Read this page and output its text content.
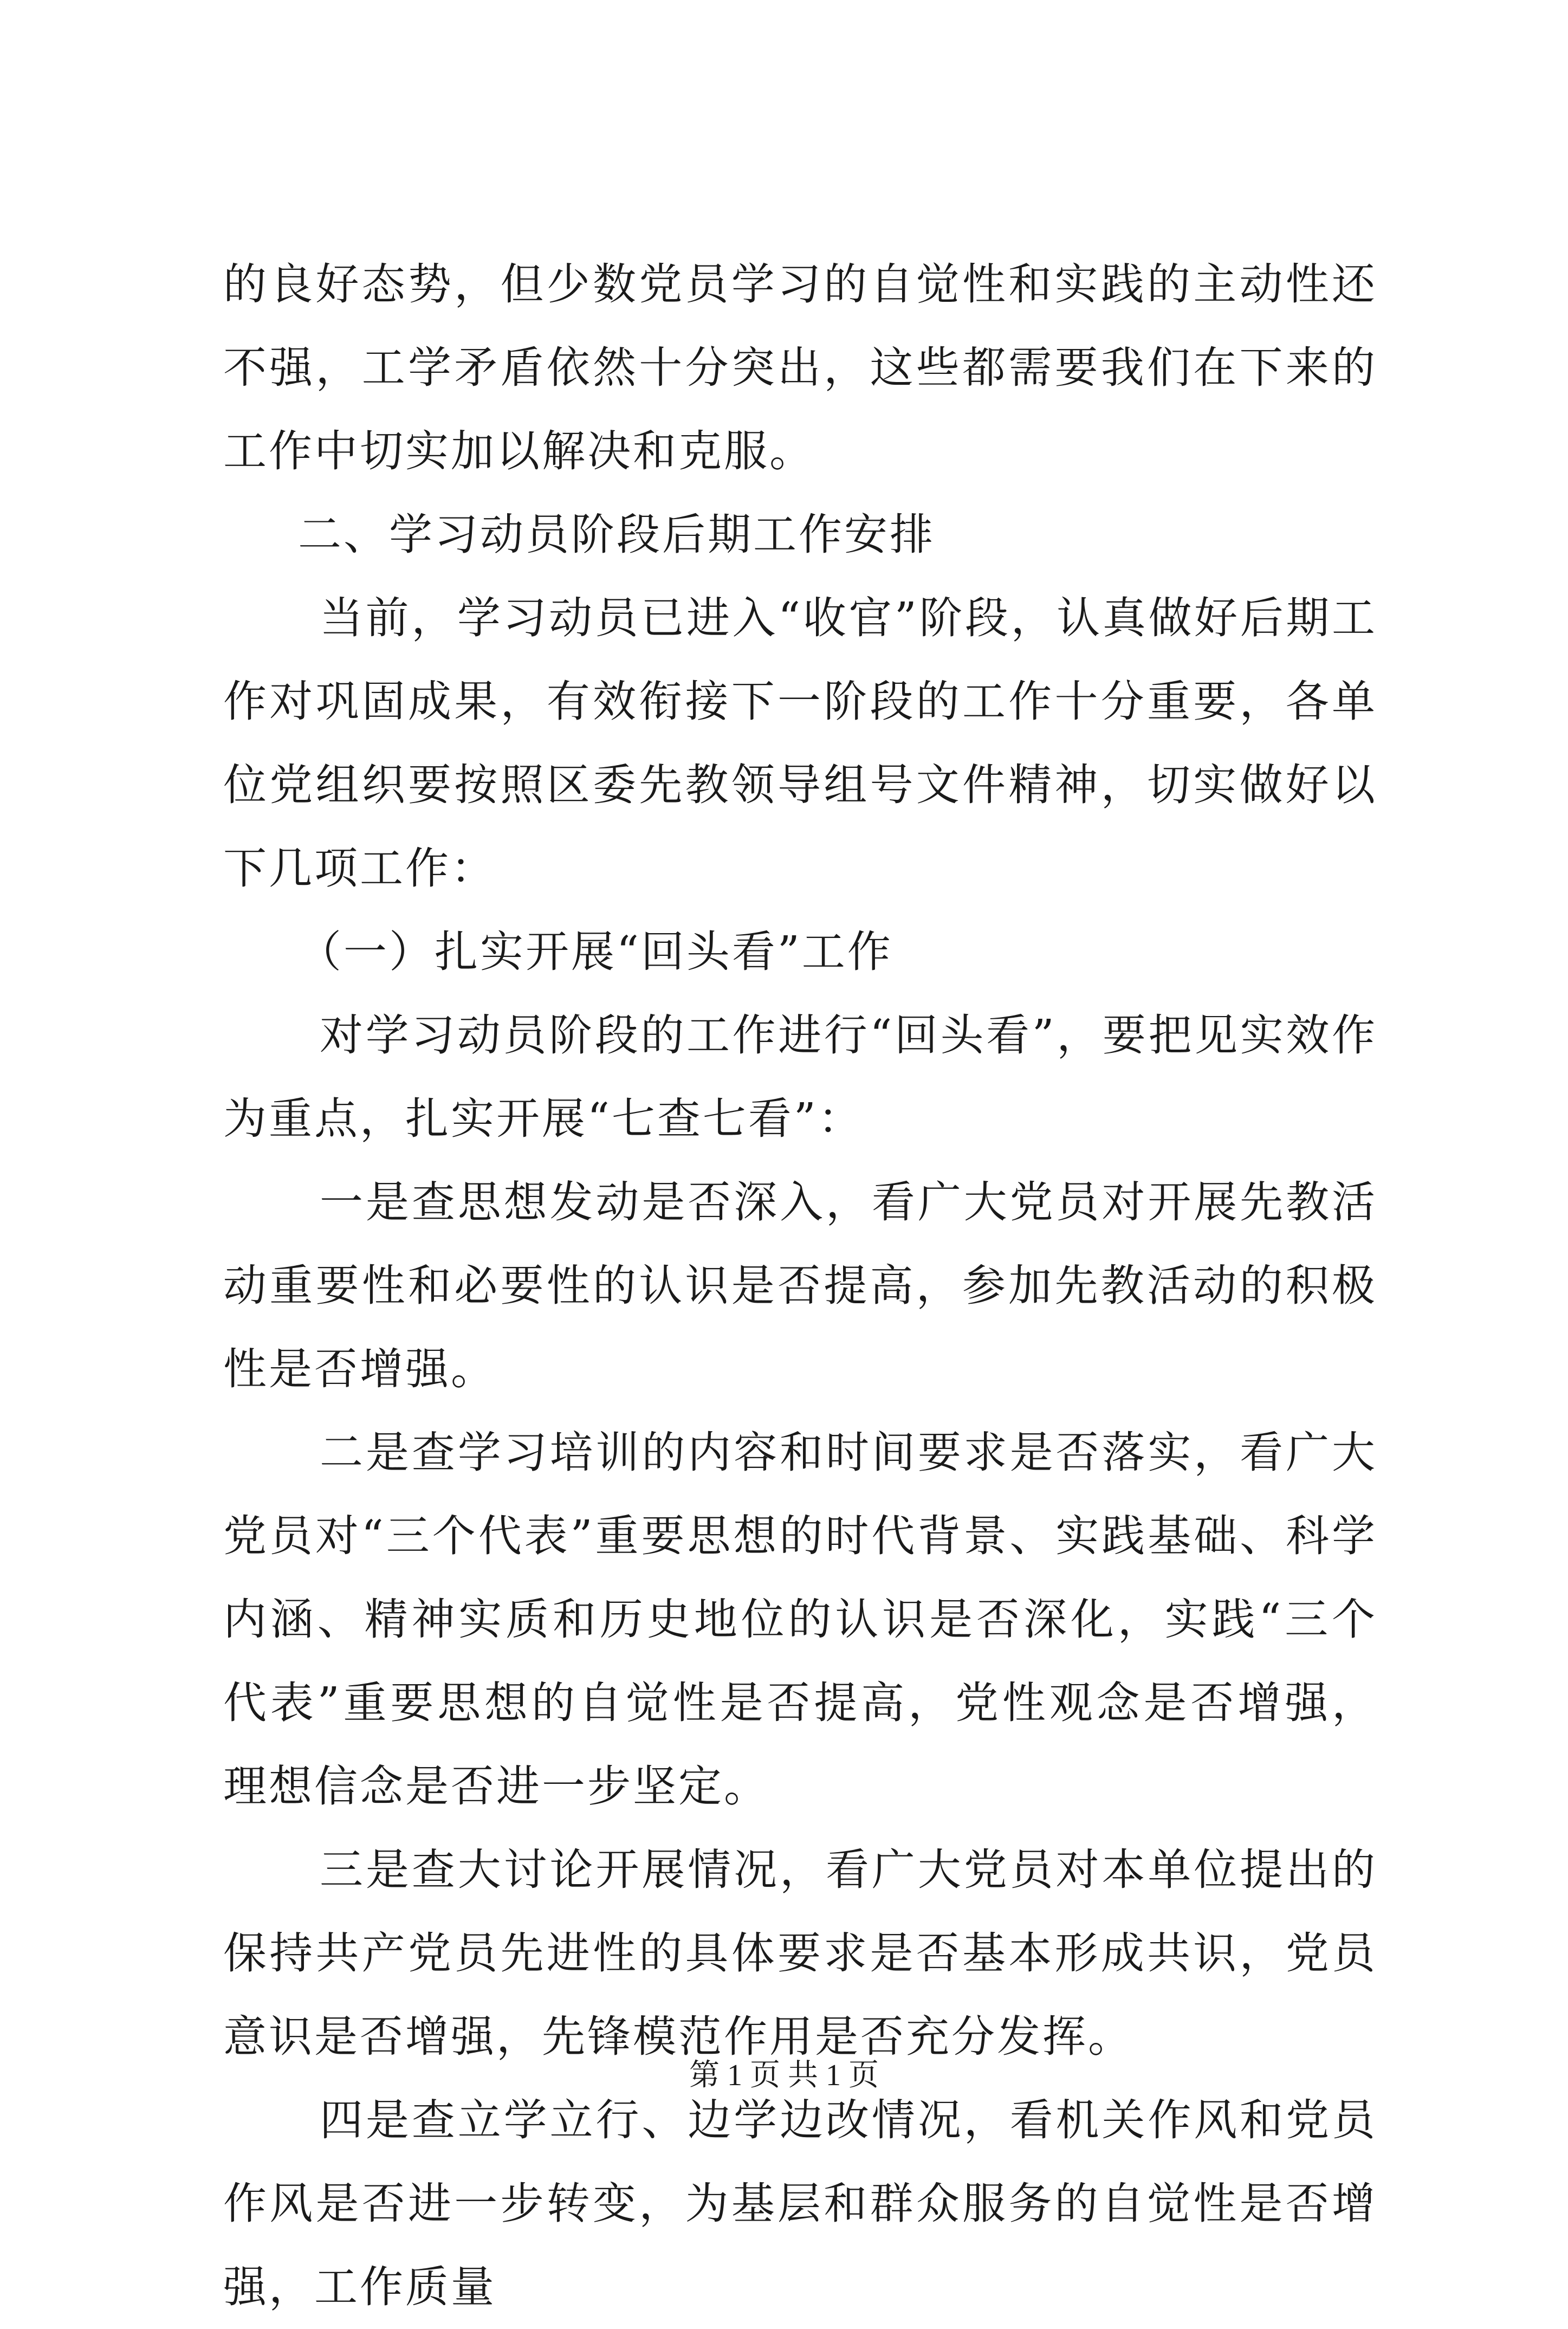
的良好态势，但少数党员学习的自觉性和实践的主动性还不强，工学矛盾依然十分突出，这些都需要我们在下来的工作中切实加以解决和克服。

二、学习动员阶段后期工作安排

当前，学习动员已进入“收官”阶段，认真做好后期工作对巩固成果，有效衔接下一阶段的工作十分重要，各单位党组织要按照区委先教领导组号文件精神，切实做好以下几项工作：

（一）扎实开展“回头看”工作

对学习动员阶段的工作进行“回头看”，要把见实效作为重点，扎实开展“七查七看”：

一是查思想发动是否深入，看广大党员对开展先教活动重要性和必要性的认识是否提高，参加先教活动的积极性是否增强。

二是查学习培训的内容和时间要求是否落实，看广大党员对“三个代表”重要思想的时代背景、实践基础、科学内涵、精神实质和历史地位的认识是否深化，实践“三个代表”重要思想的自觉性是否提高，党性观念是否增强，理想信念是否进一步坚定。

三是查大讨论开展情况，看广大党员对本单位提出的保持共产党员先进性的具体要求是否基本形成共识，党员意识是否增强，先锋模范作用是否充分发挥。

四是查立学立行、边学边改情况，看机关作风和党员作风是否进一步转变，为基层和群众服务的自觉性是否增强，工作质量

第 1 页 共 1 页
